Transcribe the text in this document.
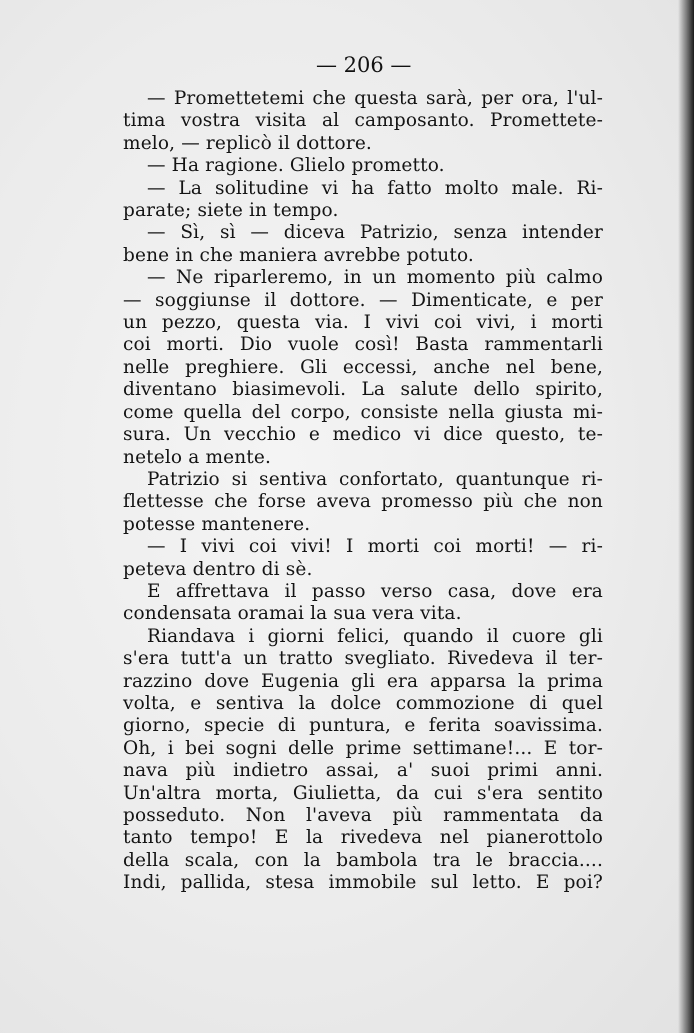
— 206 —

— Promettetemi che questa sarà, per ora, l'ul-
tima vostra visita al camposanto. Promettete-
melo, — replicò il dottore.

— Ha ragione. Glielo prometto.

— La solitudine vi ha fatto molto male. Ri-
parate; siete in tempo.

— Sì, sì — diceva Patrizio, senza intender
bene in che maniera avrebbe potuto.

— Ne riparleremo, in un momento più calmo
— soggiunse il dottore. — Dimenticate, e per
un pezzo, questa via. I vivi coi vivi, i morti
coi morti. Dio vuole così! Basta rammentarli
nelle preghiere. Gli eccessi, anche nel bene,
diventano biasimevoli. La salute dello spirito,
come quella del corpo, consiste nella giusta mi-
sura. Un vecchio e medico vi dice questo, te-
netelo a mente.

Patrizio si sentiva confortato, quantunque ri-
flettesse che forse aveva promesso più che non
potesse mantenere.

— I vivi coi vivi! I morti coi morti! — ri-
peteva dentro di sè.

E affrettava il passo verso casa, dove era
condensata oramai la sua vera vita.

Riandava i giorni felici, quando il cuore gli
s'era tutt'a un tratto svegliato. Rivedeva il ter-
razzino dove Eugenia gli era apparsa la prima
volta, e sentiva la dolce commozione di quel
giorno, specie di puntura, e ferita soavissima.
Oh, i bei sogni delle prime settimane!... E tor-
nava più indietro assai, a' suoi primi anni.
Un'altra morta, Giulietta, da cui s'era sentito
posseduto. Non l'aveva più rammentata da
tanto tempo! E la rivedeva nel pianerottolo
della scala, con la bambola tra le braccia....
Indi, pallida, stesa immobile sul letto. E poi?
